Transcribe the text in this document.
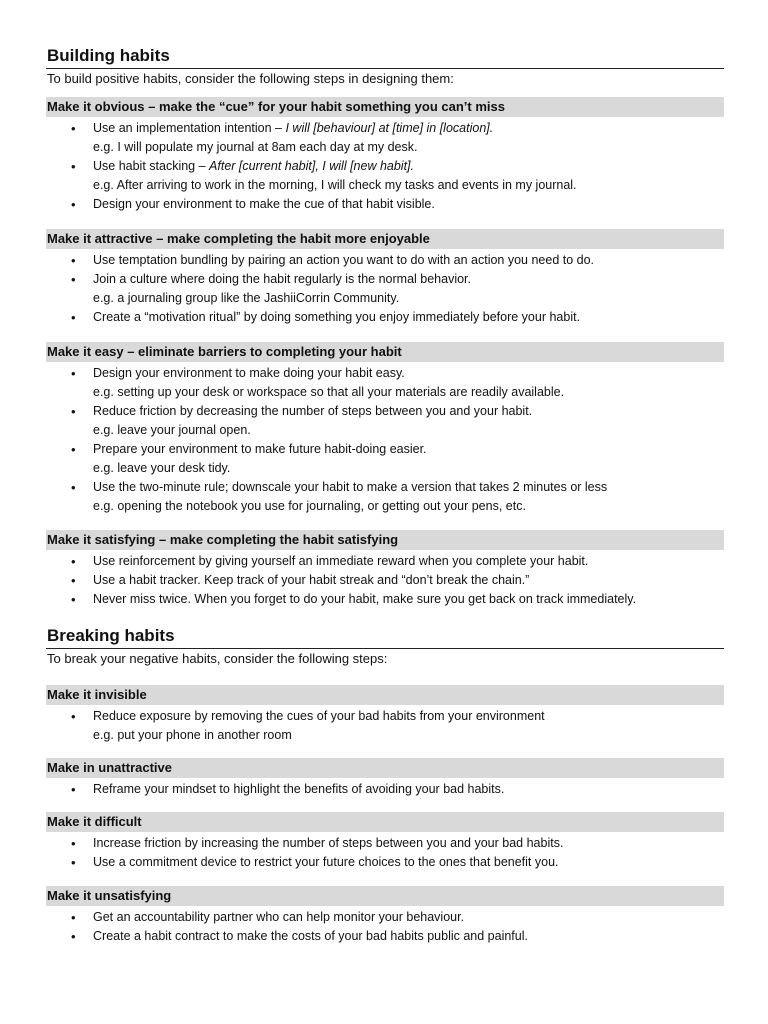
Building habits
To build positive habits, consider the following steps in designing them:
Make it obvious – make the “cue” for your habit something you can’t miss
• Use an implementation intention – I will [behaviour] at [time] in [location].
e.g. I will populate my journal at 8am each day at my desk.
• Use habit stacking – After [current habit], I will [new habit].
e.g. After arriving to work in the morning, I will check my tasks and events in my journal.
• Design your environment to make the cue of that habit visible.
Make it attractive – make completing the habit more enjoyable
• Use temptation bundling by pairing an action you want to do with an action you need to do.
• Join a culture where doing the habit regularly is the normal behavior.
e.g. a journaling group like the JashiiCorrin Community.
• Create a “motivation ritual” by doing something you enjoy immediately before your habit.
Make it easy – eliminate barriers to completing your habit
• Design your environment to make doing your habit easy.
e.g. setting up your desk or workspace so that all your materials are readily available.
• Reduce friction by decreasing the number of steps between you and your habit.
e.g. leave your journal open.
• Prepare your environment to make future habit-doing easier.
e.g. leave your desk tidy.
• Use the two-minute rule; downscale your habit to make a version that takes 2 minutes or less
e.g. opening the notebook you use for journaling, or getting out your pens, etc.
Make it satisfying – make completing the habit satisfying
• Use reinforcement by giving yourself an immediate reward when you complete your habit.
• Use a habit tracker. Keep track of your habit streak and “don’t break the chain.”
• Never miss twice. When you forget to do your habit, make sure you get back on track immediately.
Breaking habits
To break your negative habits, consider the following steps:
Make it invisible
• Reduce exposure by removing the cues of your bad habits from your environment
e.g. put your phone in another room
Make in unattractive
• Reframe your mindset to highlight the benefits of avoiding your bad habits.
Make it difficult
• Increase friction by increasing the number of steps between you and your bad habits.
• Use a commitment device to restrict your future choices to the ones that benefit you.
Make it unsatisfying
• Get an accountability partner who can help monitor your behaviour.
• Create a habit contract to make the costs of your bad habits public and painful.
